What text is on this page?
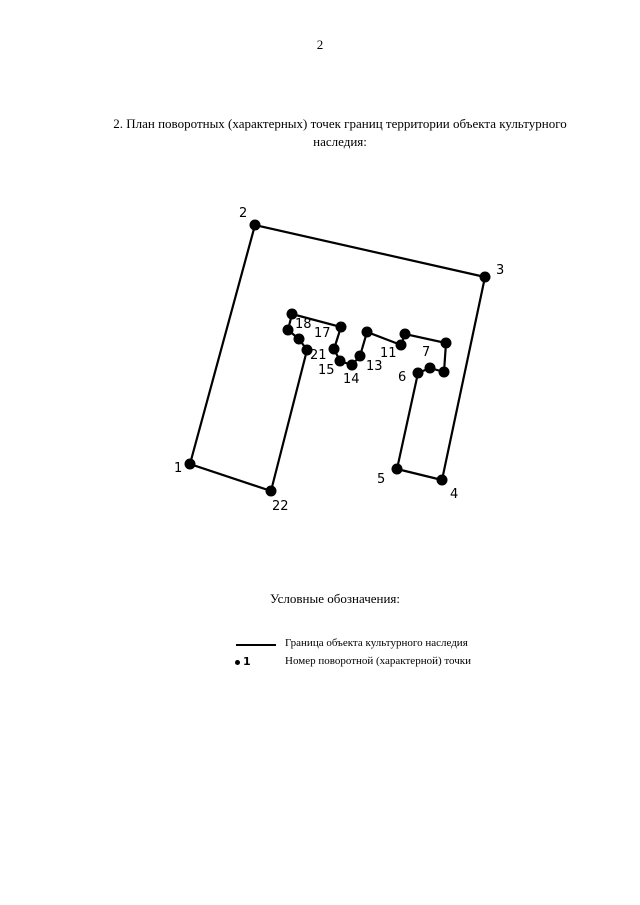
2
2. План поворотных (характерных) точек границ территории объекта культурного
наследия:
1
2
3
4
5
6
7
11
13
14
15
17
18
21
22
Условные обозначения:
Граница объекта культурного наследия
1	Номер поворотной (характерной) точки
